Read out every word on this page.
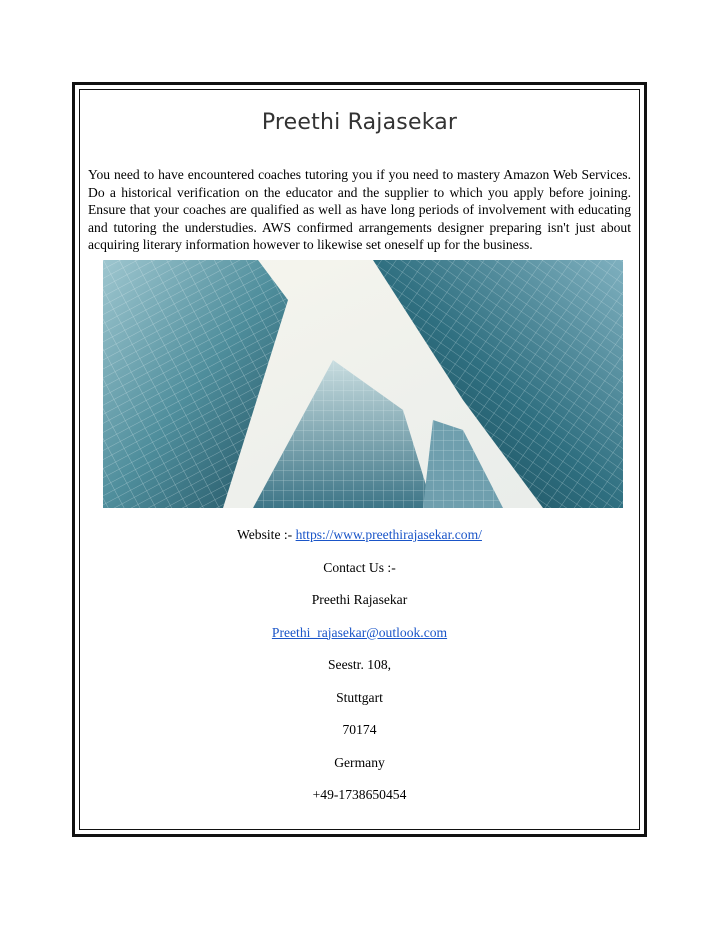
Preethi Rajasekar
You need to have encountered coaches tutoring you if you need to mastery Amazon Web Services. Do a historical verification on the educator and the supplier to which you apply before joining. Ensure that your coaches are qualified as well as have long periods of involvement with educating and tutoring the understudies. AWS confirmed arrangements designer preparing isn't just about acquiring literary information however to likewise set oneself up for the business.
Website :- https://www.preethirajasekar.com/
Contact Us :-
Preethi Rajasekar
Preethi_rajasekar@outlook.com
Seestr. 108,
Stuttgart
70174
Germany
+49-1738650454
